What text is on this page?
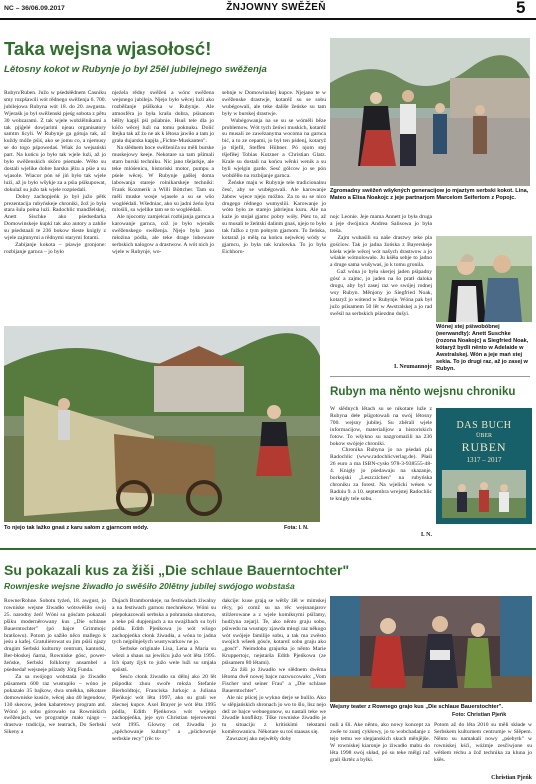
NC – 36/06.09.2017	ŽNJOWNY SWĚŽEŇ	5
Taka wejsna wjasołosć!
Lětosny kokot w Rubynje jo był 25ěl jubilejnego swěženja
Rubyn/Ruben. Južo w pśedsłědnem Casniku smy rozpšawili wót rědnego swěženja 6. 700. jubilejowa Rubyna wót 18. do 20. awgusta. Wjeraśk jo był swěženski pjeśg sobota z pětu 30 wobzarami. Z tak wjele wobźělnikami a tak pjiģelé dowjarimi njeau organisatory samtm licyli. W Rubynje ga gótuja tak, až kuždy móže pśiś, ako se jomu co, a njemusy se do togo pśpowedaś. Wiak źo wejsański part. Na końcu jo było tak wjele luźi, až jo było swěženskich sköro pśemałe. Wěto su dostali wjelike dobre barsku jěżu a pśie a su wjasole. Wiacor pón sé jiń było tak wjele luźi, až jo było wšykje za a pśia pśikupowat, dokulaž su južo tak wjele rozpśedali.
Dobry zachopjeńk jo był južo pětk prezentacija rubyńskeje chroniki, žož jo była stara šula połna luźi. Radochlic mandželskej, Anett Sischke ako pśedsedarka Domowinskeje kupki tak ako autory a zahlie su pśedstaali te 236 bokow tšeste knigły z wjele zajmnymi a rědnymi starymi fotami.
Zabijanje kokota – pśawje gronjone: rozbijanje garnca – jo było
njeźela rědny swěžeń a wónc swěžena wejsnego jubileja. Njejo było wěcej luźi ako rozběžanje pśiškoka w Rubynje. Ale atmosféra jo była krašu dobra, pśisanom běšty kapjš pśi pśiabnie. Hsuš tele dla jo kóčo wěcej luźi na tomu poknuku. Dolić štejka tak až źo ne ak k lětosa jawiło a tam jo grała dujarska kapjła „Fichte-Muskanten".
Na slědnem boce swěženiča su měli burske muskejowy keeje. Nekotare sa tam pšimali starn burski techniku. Nic jano tšejarkje, ale teke mlóśenicu, historiski motor, pumpu a pśele wěcej. W Rubynje gaššej doma labowanja stareje rolnikarskeje techniki: Frank Kozmerik a Willi Böttcher. Tam su měli muske wosje wjasele a su se wšo wogléédali. Wšedniac, ako su jadni źeńu šyta mlośili, su wjelike tam se to wogléédali.
Ale njocomy zamjelcaś rozbijanja garnca a karowanje garnca, což jo było wjerašk swěženskego swěženja. Njejo była jano młożina pódla, ale teke drage luboware serbskich nalogow a drastwow. A wót nich jo wjele w Rubynje, wo-
sebnje w Domowinskej kupce. Njejano te w swěženske drastwje, kotaréž su se sobu wubégowali, ale teke dališe žeńske su tam były w burskej drastwje.
Wubégowanja na se su se wóměli běze problemow. Wót tych žeńwi muskich, kotaréž su musali ze zawězanyma wocoma na garnca bić, a to ze cepami, jo był ten pśdenj, kotaryž jo tšjefil, Steffen Hübner. Pó njom stej tšjefiłej Tobias Kutzner a Christian Glatz. Krale su dostali na końcu wěnki wenik a su byli wjelgin garde. Sesć gólcow jo se pón wobźělło na rozbijanje garnca.
Žeńske maju w Rubynje tele tradicionalnu česć, aby se wubégowali. Ale karowanje žabow wjece njejo móžno. Za to su se nico drugego rédnego wumysliii. Karowanje jo wóto było ze starejo jabriejnu kuru. Ale na kaźe jo stojał gjarnc pobry wóły. Pśez to, až su musali te žeńtski dalinm gnaś, njejo to było tak ľažko z tym połnym gjarnom. To žeńska, kotaraž jo mělą na końcu nejwěcej wódy w gjarncu, jo była tak kralowka. To jo była Eichhorn-
Zgromadny swěžeń wšykných generacijow jo mjaztym serbski kokot. Lina, Mateo a Elisa Noakojc z jeje partnarjom Marcelom Seifertom z Popojc.
nojc Leonie. Jeje mama Annett jo była druga a jeje dwójnica Andrea Salisowa jo była treša.
Zajm wubaśili su naše drastwy teke pla gościow. Tak jo jadna žońska z Bayerskeje kśeła wjele wěcej wót našych drastwow a jo wšakie wótnolowało. Ju kśěła sebje to jadno a druge sama wušywaś, jo k tomu gronila.
Gaž wóna jo była skerjej jaden pśipadny gósć a zajmc, jo jaden na šo pratł daloka drogu, aby byl zasej raz we swójej rodnej wsy Rubyn. Měnjony jo Siegfried Noak, kotaryž jo wótend w Rubynje. Wóna pak był južo pśisamem 50 lět w Awstralskej a jo rad swěsil na serbskich pśiezdnu dušyi.
Wónej stej pśiwobóbnej (werwandty): Anett Suschke (rozona Noakojc) a Siegfried Noak, kótaryž bydli něnto w Adelaide w Awstralskej. Wón a jeje mań stej sekia. To jo drugi raz, až jo zasej w Rubyn.
I. Neumannojc
To njejo tak lažko gnaś z karu sałom z gjarncom wódy.	Fota: I. N.
Rubyn ma něnto wejsnu chroniku
W slědnych lětach su se nikotare luže z Rubyna dełe pśigotowali na swój lětosny 700. wejsny jubilej. Su zběrali wjele informacijow, materialijow a historiskich fotow. To wšykno su nazgromaźili na 236 bokow swójeje chroniki.
Chronika Rubyna jo na pśedań pla Radochlic (www.radochlicverlag.de). Płaśi 26 euro a ma ISBN-cysło 978-3-938555-48-4. Knigły jo pśedawaju na skazanje, borkojski „Leszczichen" na rubyńska chroniku za forest. Na wjelicki wésen w Raduiu 9. a 10. septembra wrejstej Radochlic te knigły tele sobu.
DAS BUCH
ÜBER
RUBEN
1317 – 2017
I. N.
Su pokazali kus za žiši „Die schlaue Bauerntochter"
Rownjeske wejsne žiwadło jo swěśiło 20lětny jubilej swójogo wobstaśa
Rowne/Rohne. Sobotu tyźeń, 18. awgust, jo rowniske wejsne žiwadło wótswěśiło swój 25. narodny źeń! Wóni su gósćam pokazali pšiku moderněrowany kus „Die schlaue Bauerntochter" (pó bajce Grimmojc bratšowu). Potom jo sažiło něco mallego k jeśu a kafej. Gratuliérowat su jim pśiśi njazy drugim Serbski kulturny centrum, kantorki, Ber-błoskej ňarna, Rowniske gósc, power-žeńske, Serbski folklorny ansambel a pśedsedař wejsneje pśizady Jörg Funda.
Za sa swójogo wobstaśa jo žiwadło pśisamem 600 raz wustupiło – wóno je pokazało 35 bajkow, dwa smékka, někotare domowniske kusiće, wěcej ako 40 legendow, 130 skecow, jeden kabaretowy program atd. Wónó jo sobu górowało na Rowniskich swěženjach, we programje mało njago –drastwa- tradicija, we teatrach, Do Serbski Sikeny a
Dujach Bramborskeje, na festiwalach źiwalny a na festiwach garnou mechnékow. Wóni su pśepokazowali serbska a pohranska skutotwa, a teke pśi dupjenjach a na swajźbach su byli pódla. Edith Pjeńkowa jo wót wšogo zachopjeńka cłonk žiwadła, a wóna to jadna tych nejpilnješych wustywarkow ne jo.
Serbske originale Lisa, Lena a Maria su wšezi a shaus na jewišcu južo wót lěta 1995. Ich śpaty źjyk to južo wele luži su smjała spśistś.
Sesćo cłonk žiwadło su dělnj ako 20 lět pśipodła: zhuu swoře młoźa Stefanie Bierholdtojc, Franciska Jurkojc a Juliana Pjeńkojc wót lěta 1997, ako su grali we zšecnej kupce. Axel Brayer je wót lěta 1995 pódla, Edith Pjeńkowa wót wejego zachopjeńka, jeje syn Christian tejerowemi wót 1995. Glowny cel žiwadła jo „spěchowanje kultury" a „pśichownje serbskie recy" (rěc ts-
dakcije: kuse grają se wětšy źěl w mimskej rěcy, pó comž su na rěc wejsnanjarov stilźerowane a z wjele komiksymi pśiřamy, hudźyna zejarjl. Te, ako něnto graju sobu, pśiwedu na wustupy zjawda młogi raz někogo wót swójeje familije sobu, a tak ma zwěsto swojich wšeeh gósće, kotarež sobu graju ako „gosćt". Neimdoba grajurka jo něnto Marie Kruppertojc, nejstarša Edith Pjeńkowa (ze pśisamem 80 lětami).
Za žiši jo žiwadło we slědnem dwěma lětoma dwě nowej bajce nazwucowało: „Vom Fischer und seiner Frau" a „Die schlaue Bauerntochter".
Ale nic pśicej jo wykno derje se bulilo. Ako w slěpjańskich shronach jo wo to šlo, lisz nejo dež ze bajce webuegonow, su nastali teke we žiwadle konflikty. Tške rowniske žiwadło je tu situaciju z kritiskimi tekstami koměrowanicu. Někotare su toś staasas się.
Zawuzcej ako nejwětšy doby
Wejsny teater z Rownego grajo kus „Die schlaue Bauerstochter".
Foto: Christian Pjeńk
nuli a šli. Ake něnto, ako nowy koncept za zwěe to zuntj cykłowy, jo to wobchadanje z tejo temu we slepjanskich skuch měnjějše. W rowniskej kiaronje jo źiwadło mabu do lěta 1998 swój skład, pó su teke mělgí rač grali škrtéz a bylki.
Potom až do lěta 2010 su měli składe w Serbskem kulturnem centrumje w Slěpem. Něnto su namakali nowy „pśebytk" w rowniskej kśći, wóźmje zesčiwjone su wětšem réchu a žož technika za kluna jo kśěs.
Christian Pjeńk
